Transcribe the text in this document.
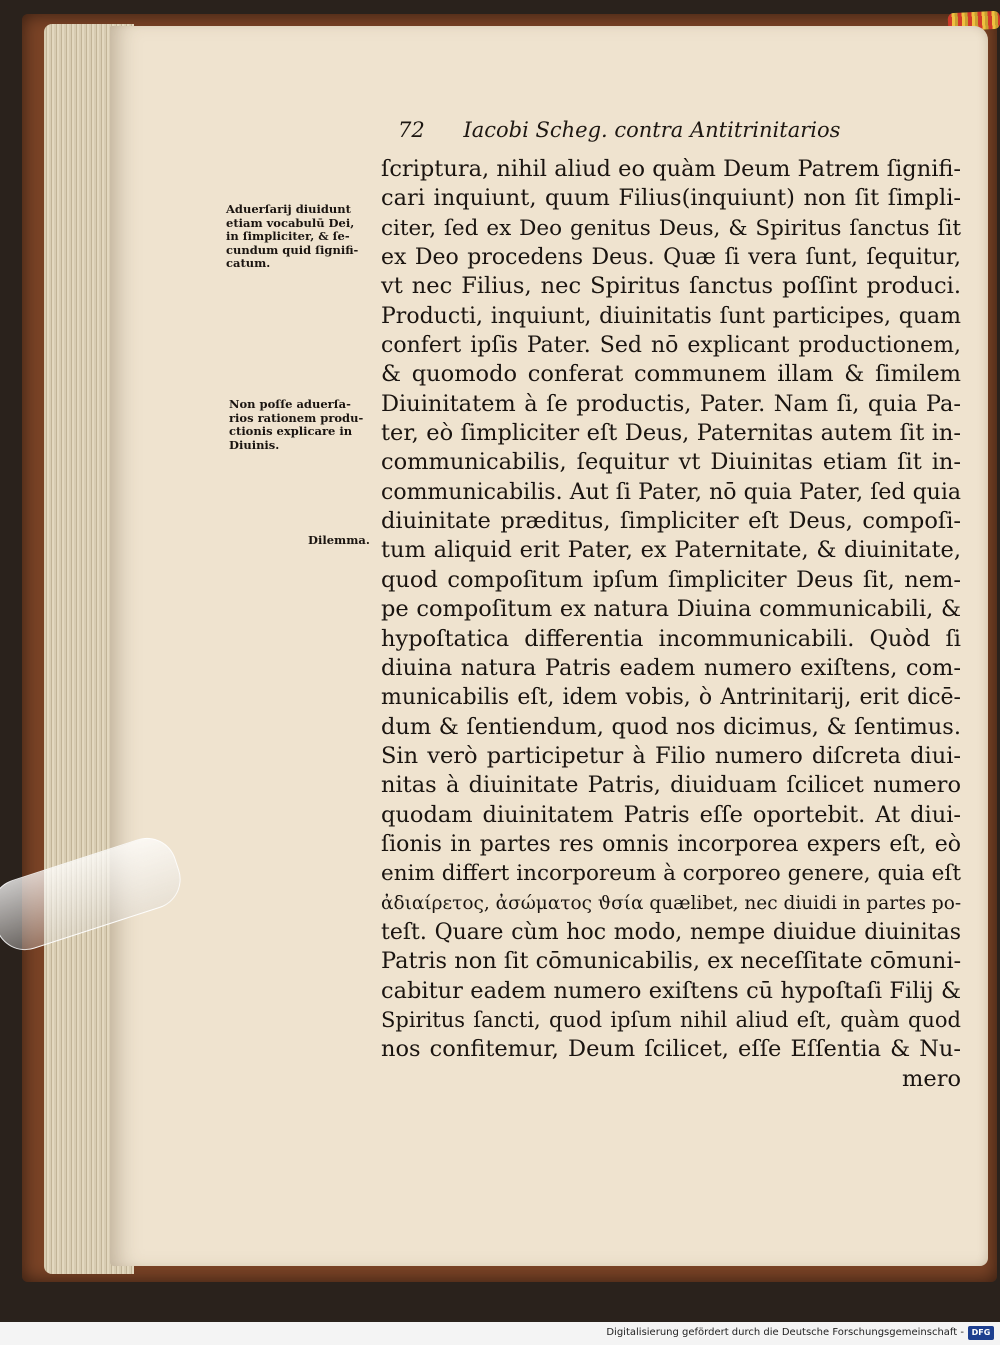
72 Iacobi Scheg. contra Antitrinitarios
Aduerſarij diuidunt
etiam vocabulū Dei,
in ſimpliciter, & ſe-
cundum quid ſignifi-
catum.
Non poſſe aduerſa-
rios rationem produ-
ctionis explicare in
Diuinis.
Dilemma.
ſcriptura, nihil aliud eo quàm Deum Patrem ſignifi-
cari inquiunt, quum Filius(inquiunt) non ſit ſimpli-
citer, ſed ex Deo genitus Deus, & Spiritus ſanctus ſit
ex Deo procedens Deus. Quæ ſi vera ſunt, ſequitur,
vt nec Filius, nec Spiritus ſanctus poſſint produci.
Producti, inquiunt, diuinitatis ſunt participes, quam
confert ipſis Pater. Sed nō explicant productionem,
& quomodo conferat communem illam & ſimilem
Diuinitatem à ſe productis, Pater. Nam ſi, quia Pa-
ter, eò ſimpliciter eſt Deus, Paternitas autem ſit in-
communicabilis, ſequitur vt Diuinitas etiam ſit in-
communicabilis. Aut ſi Pater, nō quia Pater, ſed quia
diuinitate præditus, ſimpliciter eſt Deus, compoſi-
tum aliquid erit Pater, ex Paternitate, & diuinitate,
quod compoſitum ipſum ſimpliciter Deus ſit, nem-
pe compoſitum ex natura Diuina communicabili, &
hypoſtatica differentia incommunicabili. Quòd ſi
diuina natura Patris eadem numero exiſtens, com-
municabilis eſt, idem vobis, ò Antrinitarij, erit dicē-
dum & ſentiendum, quod nos dicimus, & ſentimus.
Sin verò participetur à Filio numero diſcreta diui-
nitas à diuinitate Patris, diuiduam ſcilicet numero
quodam diuinitatem Patris eſſe oportebit. At diui-
ſionis in partes res omnis incorporea expers eſt, eò
enim differt incorporeum à corporeo genere, quia eſt
ἀδιαίρετος, ἀσώματος ϑσία quælibet, nec diuidi in partes po-
teſt. Quare cùm hoc modo, nempe diuidue diuinitas
Patris non ſit cōmunicabilis, ex neceſſitate cōmuni-
cabitur eadem numero exiſtens cū hypoſtaſi Filij &
Spiritus ſancti, quod ipſum nihil aliud eſt, quàm quod
nos confitemur, Deum ſcilicet, eſſe Eſſentia & Nu-
mero
Digitalisierung gefördert durch die Deutsche Forschungsgemeinschaft - DFG
